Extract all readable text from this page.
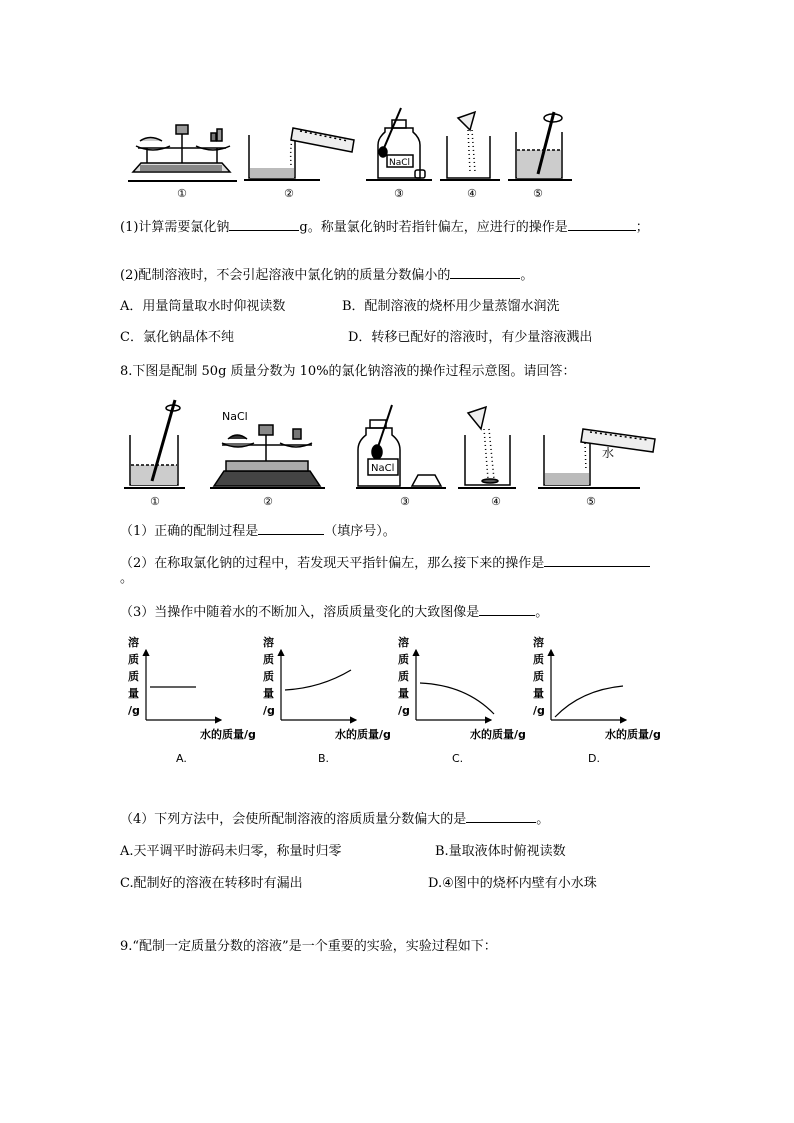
NaCl
①	②	③	④	⑤
(1)计算需要氯化钠	g。称量氯化钠时若指针偏左，应进行的操作是	；
(2)配制溶液时，不会引起溶液中氯化钠的质量分数偏小的	。
A．用量筒量取水时仰视读数	B．配制溶液的烧杯用少量蒸馏水润洗
C．氯化钠晶体不纯	D．转移已配好的溶液时，有少量溶液溅出
8.下图是配制 50g 质量分数为 10%的氯化钠溶液的操作过程示意图。请回答：
NaCl
NaCl
水
①	②	③	④	⑤
（1）正确的配制过程是	（填序号）。
（2）在称取氯化钠的过程中，若发现天平指针偏左，那么接下来的操作是
。
（3）当操作中随着水的不断加入，溶质质量变化的大致图像是	。
溶
质
质
量
/g
水的质量/g
A.
溶
质
质
量
/g
水的质量/g
B.
溶
质
质
量
/g
水的质量/g
C.
溶
质
质
量
/g
水的质量/g
D.
（4）下列方法中，会使所配制溶液的溶质质量分数偏大的是	。
A.天平调平时游码未归零，称量时归零	B.量取液体时俯视读数
C.配制好的溶液在转移时有漏出	D.④图中的烧杯内壁有小水珠
9.“配制一定质量分数的溶液”是一个重要的实验，实验过程如下：
